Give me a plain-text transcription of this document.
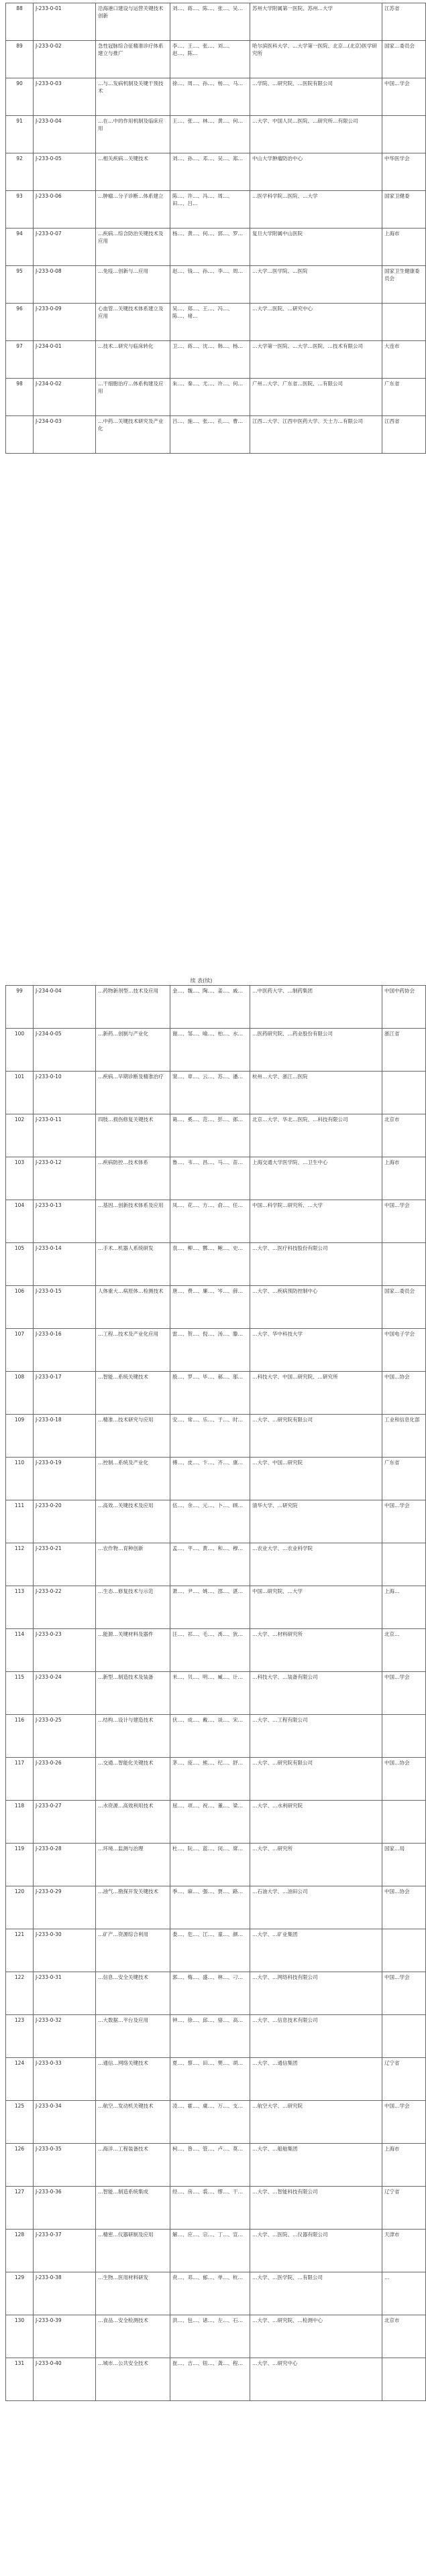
88	J-233-0-01	沿海港口建设与运营关键技术创新	刘…、蒋…、陈…、张…、吴…	苏州大学附属第一医院、苏州…大学	江苏省
89	J-233-0-02	急性冠脉综合征精准诊疗体系建立与推广	李…、王…、张…、刘…、赵…、陈…	哈尔滨医科大学、…大学第一医院、北京…(北京)医学研究所	国家…委员会
90	J-233-0-03	…与…发病机制及关键干预技术	徐…、周…、孙…、杨…、马…	…学院、…研究院、…医院有限公司	中国…学会
91	J-233-0-04	…在…中的作用机制及临床应用	王…、张…、林…、黄…、何…	…大学、中国人民…医院、…研究所…有限公司	
92	J-233-0-05	…相关疾病…关键技术	刘…、孙…、邓…、吴…、郑…	中山大学肿瘤防治中心	中华医学会
93	J-233-0-06	…肿瘤…分子诊断…体系建立	陈…、许…、冯…、周…、田…、吕…	…医学科学院…医院、…大学	国家卫健委
94	J-233-0-07	…疾病…综合防治关键技术及应用	杨…、黄…、何…、郭…、罗…	复旦大学附属中山医院	上海市
95	J-233-0-08	…免疫…创新与…应用	赵…、钱…、孙…、李…、周…	…大学…医学院、…医院	国家卫生健康委员会
96	J-233-0-09	心血管…关键技术体系建立及应用	吴…、郑…、王…、冯…、陈…、褚…	…大学…医院、…研究中心	
97	J-234-0-01	…技术…研究与临床转化	卫…、蒋…、沈…、韩…、杨…	…大学第一医院、…大学…医院、…技术有限公司	大连市
98	J-234-0-02	…干细胞治疗…体系构建及应用	朱…、秦…、尤…、许…、何…	广州…大学、广东省…医院、…有限公司	广东省
	J-234-0-03	…中药…关键技术研究及产业化	吕…、施…、张…、孔…、曹…	江西…大学、江西中医药大学、天士力…有限公司	江西省
续 表(续)
99	J-234-0-04	…药物新剂型…技术及应用	金…、魏…、陶…、姜…、戚…	…中医药大学、…制药集团	中国中药协会
100	J-234-0-05	…新药…创制与产业化	谢…、邹…、喻…、柏…、水…	…医药研究院、…药业股份有限公司	浙江省
101	J-233-0-10	…疾病…早期诊断及精准治疗	窦…、章…、云…、苏…、潘…	杭州…大学、浙江…医院	
102	J-233-0-11	四肢…损伤修复关键技术	葛…、奚…、范…、彭…、郎…	北京…大学、华北…医院、…科技有限公司	北京市
103	J-233-0-12	…疾病防控…技术体系	鲁…、韦…、昌…、马…、苗…	上海交通大学医学院、…卫生中心	上海市
104	J-233-0-13	…基因…创新技术体系及应用	凤…、花…、方…、俞…、任…	中国…科学院…研究所、…大学	中国…学会
105	J-233-0-14	…手术…机器人系统研发	袁…、柳…、酆…、鲍…、史…	…大学、…医疗科技股份有限公司	
106	J-233-0-15	人体重大…病原体…检测技术	唐…、费…、廉…、岑…、薛…	…大学、…疾病预防控制中心	国家…委员会
107	J-233-0-16	…工程…技术及产业化应用	雷…、贺…、倪…、汤…、滕…	…大学、华中科技大学	中国电子学会
108	J-233-0-17	…智能…系统关键技术	殷…、罗…、毕…、郝…、邬…	…科技大学、中国…研究院、…研究所	中国…协会
109	J-233-0-18	…精准…技术研究与应用	安…、常…、乐…、于…、时…	…大学、…研究院有限公司	工业和信息化部
110	J-233-0-19	…控制…系统及产业化	傅…、皮…、卞…、齐…、康…	…大学、中国…研究院	广东省
111	J-233-0-20	…高效…关键技术及应用	伍…、余…、元…、卜…、顾…	清华大学、…研究院	中国…学会
112	J-233-0-21	…农作物…育种创新	孟…、平…、黄…、和…、穆…	…农业大学、…农业科学院	
113	J-233-0-22	…生态…修复技术与示范	萧…、尹…、姚…、邵…、湛…	中国…研究院、…大学	上海…
114	J-233-0-23	…能源…关键材料及器件	汪…、祁…、毛…、禹…、狄…	…大学、…材料研究所	北京…
115	J-233-0-24	…新型…制造技术及装备	米…、贝…、明…、臧…、计…	…科技大学、…装备有限公司	中国…学会
116	J-233-0-25	…结构…设计与建造技术	伏…、成…、戴…、谈…、宋…	…大学、…工程有限公司	
117	J-233-0-26	…交通…智能化关键技术	茅…、庞…、熊…、纪…、舒…	…大学、…研究院有限公司	中国…协会
118	J-233-0-27	…水资源…高效利用技术	屈…、项…、祝…、董…、梁…	…大学、…水利研究院	
119	J-233-0-28	…环境…监测与治理	杜…、阮…、蓝…、闵…、席…	…大学、…研究所	国家…局
120	J-233-0-29	…油气…勘探开发关键技术	季…、麻…、强…、贾…、路…	…石油大学、…油田公司	中国…协会
121	J-233-0-30	…矿产…资源综合利用	娄…、危…、江…、童…、颜…	…大学、…矿业集团	
122	J-233-0-31	…信息…安全关键技术	郭…、梅…、盛…、林…、刁…	…大学、…网络科技有限公司	中国…学会
123	J-233-0-32	…大数据…平台及应用	钟…、徐…、邱…、骆…、高…	…大学、…信息技术有限公司	
124	J-233-0-33	…通信…网络关键技术	夏…、蔡…、田…、樊…、胡…	…大学、…通信集团	辽宁省
125	J-233-0-34	…航空…发动机关键技术	凌…、霍…、虞…、万…、支…	…航空大学、…研究院	中国…学会
126	J-233-0-35	…海洋…工程装备技术	柯…、昝…、管…、卢…、莫…	…大学、…船舶集团	上海市
127	J-233-0-36	…智能…制造系统集成	经…、房…、裘…、缪…、干…	…大学、…智能科技有限公司	辽宁省
128	J-233-0-37	…精密…仪器研制及应用	解…、应…、宗…、丁…、宣…	…大学、…医院、…仪器有限公司	天津市
129	J-233-0-38	…生物…医用材料研发	贲…、邓…、郁…、单…、杭…	…大学、…医学院、…有限公司	…
130	J-233-0-39	…食品…安全检测技术	洪…、包…、诸…、左…、石…	…大学、…研究院、…检测中心	北京市
131	J-233-0-40	…城市…公共安全技术	崔…、吉…、钮…、龚…、程…	…大学、…研究中心	
